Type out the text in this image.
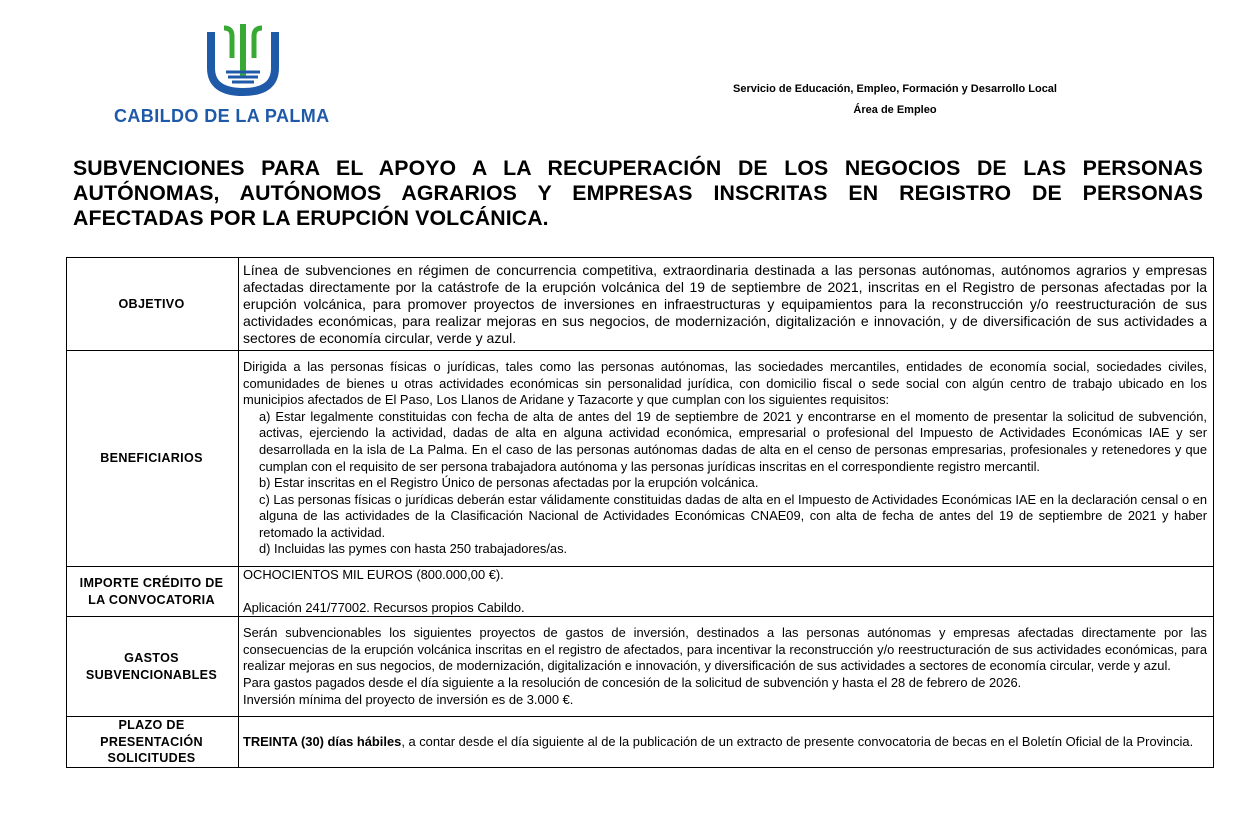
CABILDO DE LA PALMA
Servicio de Educación, Empleo, Formación y Desarrollo Local
Área de Empleo
SUBVENCIONES PARA EL APOYO A LA RECUPERACIÓN DE LOS NEGOCIOS DE LAS PERSONAS AUTÓNOMAS, AUTÓNOMOS AGRARIOS Y EMPRESAS INSCRITAS EN REGISTRO DE PERSONAS AFECTADAS POR LA ERUPCIÓN VOLCÁNICA.
OBJETIVO	Línea de subvenciones en régimen de concurrencia competitiva, extraordinaria destinada a las personas autónomas, autónomos agrarios y empresas afectadas directamente por la catástrofe de la erupción volcánica del 19 de septiembre de 2021, inscritas en el Registro de personas afectadas por la erupción volcánica, para promover proyectos de inversiones en infraestructuras y equipamientos para la reconstrucción y/o reestructuración de sus actividades económicas, para realizar mejoras en sus negocios, de modernización, digitalización e innovación, y de diversificación de sus actividades a sectores de economía circular, verde y azul.
BENEFICIARIOS	Dirigida a las personas físicas o jurídicas, tales como las personas autónomas, las sociedades mercantiles, entidades de economía social, sociedades civiles, comunidades de bienes u otras actividades económicas sin personalidad jurídica, con domicilio fiscal o sede social con algún centro de trabajo ubicado en los municipios afectados de El Paso, Los Llanos de Aridane y Tazacorte y que cumplan con los siguientes requisitos:
a) Estar legalmente constituidas con fecha de alta de antes del 19 de septiembre de 2021 y encontrarse en el momento de presentar la solicitud de subvención, activas, ejerciendo la actividad, dadas de alta en alguna actividad económica, empresarial o profesional del Impuesto de Actividades Económicas IAE y ser desarrollada en la isla de La Palma. En el caso de las personas autónomas dadas de alta en el censo de personas empresarias, profesionales y retenedores y que cumplan con el requisito de ser persona trabajadora autónoma y las personas jurídicas inscritas en el correspondiente registro mercantil.
b) Estar inscritas en el Registro Único de personas afectadas por la erupción volcánica.
c) Las personas físicas o jurídicas deberán estar válidamente constituidas dadas de alta en el Impuesto de Actividades Económicas IAE en la declaración censal o en alguna de las actividades de la Clasificación Nacional de Actividades Económicas CNAE09, con alta de fecha de antes del 19 de septiembre de 2021 y haber retomado la actividad.
d) Incluidas las pymes con hasta 250 trabajadores/as.

IMPORTE CRÉDITO DE LA CONVOCATORIA	OCHOCIENTOS MIL EUROS (800.000,00 €).
Aplicación 241/77002. Recursos propios Cabildo.

GASTOS SUBVENCIONABLES	Serán subvencionables los siguientes proyectos de gastos de inversión, destinados a las personas autónomas y empresas afectadas directamente por las consecuencias de la erupción volcánica inscritas en el registro de afectados, para incentivar la reconstrucción y/o reestructuración de sus actividades económicas, para realizar mejoras en sus negocios, de modernización, digitalización e innovación, y diversificación de sus actividades a sectores de economía circular, verde y azul.
Para gastos pagados desde el día siguiente a la resolución de concesión de la solicitud de subvención y hasta el 28 de febrero de 2026.
Inversión mínima del proyecto de inversión es de 3.000 €.

PLAZO DE PRESENTACIÓN SOLICITUDES	TREINTA (30) días hábiles, a contar desde el día siguiente al de la publicación de un extracto de presente convocatoria de becas en el Boletín Oficial de la Provincia.
